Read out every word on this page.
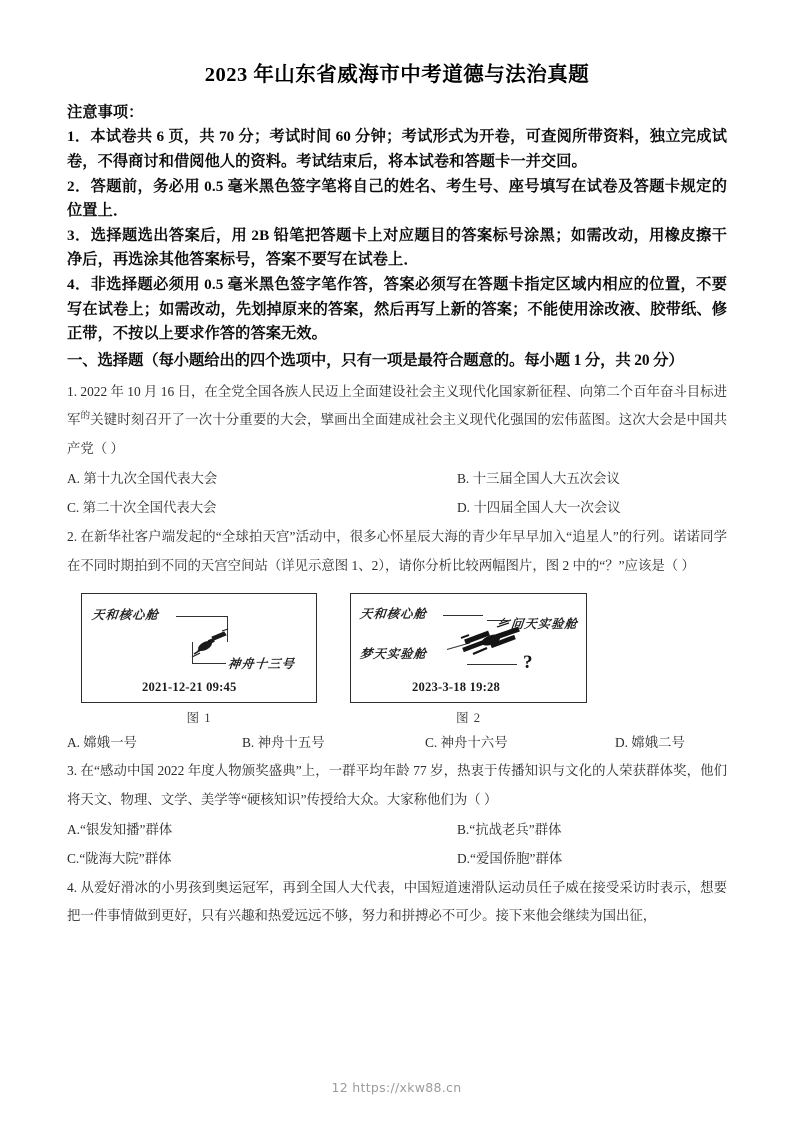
2023 年山东省威海市中考道德与法治真题

注意事项：

1．本试卷共 6 页，共 70 分；考试时间 60 分钟；考试形式为开卷，可查阅所带资料，独立完成试卷，不得商讨和借阅他人的资料。考试结束后，将本试卷和答题卡一并交回。

2．答题前，务必用 0.5 毫米黑色签字笔将自己的姓名、考生号、座号填写在试卷及答题卡规定的位置上．

3．选择题选出答案后，用 2B 铅笔把答题卡上对应题目的答案标号涂黑；如需改动，用橡皮擦干净后，再选涂其他答案标号，答案不要写在试卷上．

4．非选择题必须用 0.5 毫米黑色签字笔作答，答案必须写在答题卡指定区域内相应的位置，不要写在试卷上；如需改动，先划掉原来的答案，然后再写上新的答案；不能使用涂改液、胶带纸、修正带，不按以上要求作答的答案无效。

一、选择题（每小题给出的四个选项中，只有一项是最符合题意的。每小题 1 分，共 20 分）

1. 2022 年 10 月 16 日，在全党全国各族人民迈上全面建设社会主义现代化国家新征程、向第二个百年奋斗目标进军$^的$关键时刻召开了一次十分重要的大会，擘画出全面建成社会主义现代化强国的宏伟蓝图。这次大会是中国共产党（ ）

A. 第十九次全国代表大会	B. 十三届全国人大五次会议
C. 第二十次全国代表大会	D. 十四届全国人大一次会议

2. 在新华社客户端发起的“全球拍天宫”活动中，很多心怀星辰大海的青少年早早加入“追星人”的行列。诺诺同学在不同时期拍到不同的天宫空间站（详见示意图 1、2），请你分析比较两幅图片，图 2 中的“？”应该是（ ）

天和核心舱
神舟十三号
2021-12-21 09:45
图 1
天和核心舱
梦天实验舱
问天实验舱
?
2023-3-18 19:28
图 2
A. 嫦娥一号	B. 神舟十五号	C. 神舟十六号	D. 嫦娥二号

3. 在“感动中国 2022 年度人物颁奖盛典”上，一群平均年龄 77 岁，热衷于传播知识与文化的人荣获群体奖，他们将天文、物理、文学、美学等“硬核知识”传授给大众。大家称他们为（ ）

A.“银发知播”群体	B.“抗战老兵”群体
C.“陇海大院”群体	D.“爱国侨胞”群体

4. 从爱好滑冰的小男孩到奥运冠军，再到全国人大代表，中国短道速滑队运动员任子威在接受采访时表示，想要把一件事情做到更好，只有兴趣和热爱远远不够，努力和拼搏必不可少。接下来他会继续为国出征，

12 https://xkw88.cn
